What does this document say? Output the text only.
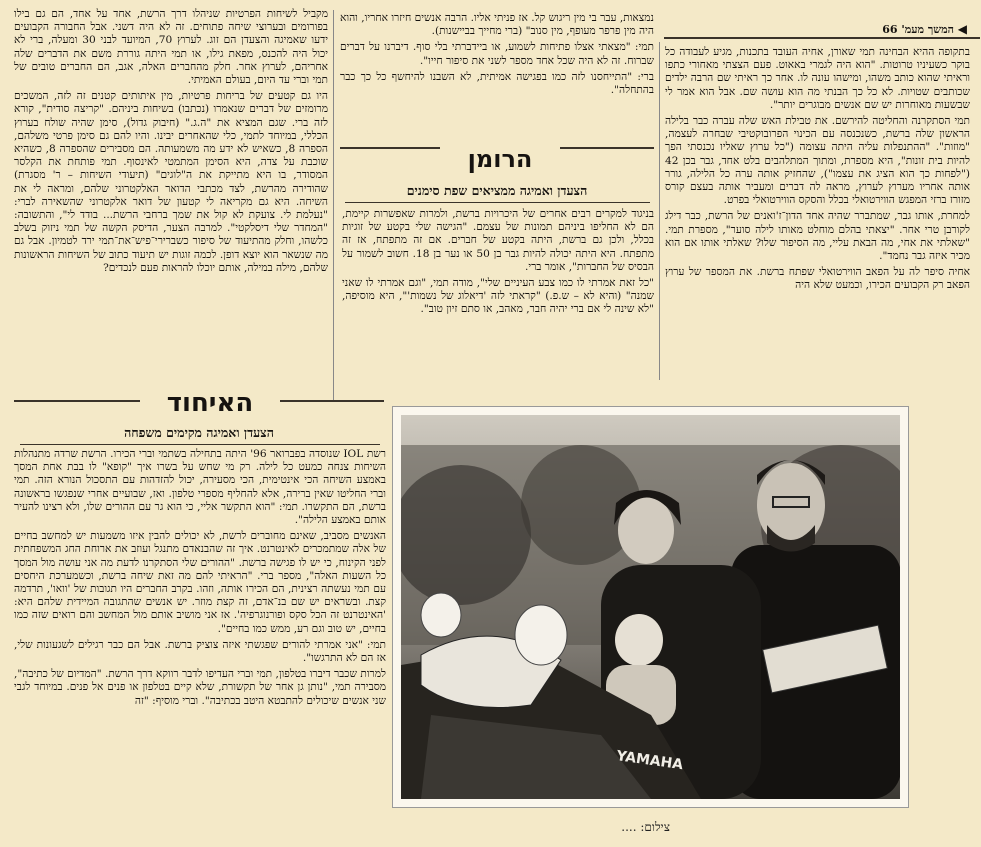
◀ המשך מעמ' 66

בתקופה ההיא הבחינה תמי שאורן, אחיה העובד בתכנות, מגיע לעבודה כל בוקר כשעיניו טרוטות. "הוא היה לגמרי באאוט. פעם הצצתי מאחורי כתפו וראיתי שהוא כותב משהו, ומישהו עונה לו. אחר כך ראיתי שם הרבה ילדים שכותבים שטויות. לא כל כך הבנתי מה הוא עושה שם. אבל הוא אמר לי שבשעות מאוחרות יש שם אנשים מבוגרים יותר".

תמי הסתקרנה והחליטה להירשם. את טבילת האש שלה עברה כבר בלילה הראשון שלה ברשת, כשנכנסה עם הכינוי הפרובוקטיבי שבחרה לעצמה, "מוזות". "ההתנפלות עליה היתה עצומה ("כל ערוץ שאליו נכנסתי הפך להיות בית זונות", היא מספרת, ומתוך המתלהבים בלט אחד, גבר בכן 42 ("לפחות כך הוא הציג את עצמו"), שהחזיק אותה ערה כל הלילה, גורר אותה אחריו מערוץ לערוץ, מראה לה דברים ומעביר אותה בעצם קורס מזורז ברזי המפגש הווירטואלי בכלל והסקס הווירטואלי בפרט.

למחרת, אותו גבר, שמתברר שהיה אחד הדון־ז'ואנים של הרשת, כבר דילג לקורבן טרי אחר. "יצאתי בהלם מוחלט מאותו לילה סוער", מספרת תמי. "שאלתי את אחי, מה הבאת עליי, מה הסיפור שלו? שאלתי אותו אם הוא מכיר איזה גבר נחמד".

אחיה סיפר לה על הפאב הווירטואלי שפתח ברשת. את המספר של ערוץ הפאב רק הקבועים הכירו, וכמעט שלא היה

נמצאות, עבר בי מין ריגוש קל. אז פניתי אליו. הרבה אנשים חיזרו אחריו, והוא היה מין פרפר מעופף, מין סנוב" (ברי מחייך בביישנות).

תמי: "מצאתי אצלו פתיחות לשמוע, או ביידברתי בלי סוף. דיברנו על דברים שברוח. זה לא היה שכל אחד מספר לשני את סיפור חייו".

ברי: "התייחסנו לזה כמו בפגישה אמיתית, לא השבנו להיחשף כל כך כבר בהתחלה".

הרומן
הצעדן ואמיגה ממציאים שפת סימנים

בניגוד למקרים רבים אחרים של היכרויות ברשת, ולמרות שאפשרות קיימת, הם לא החליפו ביניהם תמונות של עצמם. "הגישה שלי בקטע של זוגיות בכלל, ולכן גם ברשת, היתה בקטע של חברים. אם זה מתפתח, אז זה מתפתח. היא היתה יכולה להיות גבר בן 50 או נער בן 18. חשוב לשמור על הבסיס של החברות", אומר ברי.

"כל זאת אמרתי לו כמו צבע העיניים שלי", מודה תמי, "וגם אמרתי לו שאני שמנה" (והיא לא – ש.פ.) "קראתי לזה 'דיאלוג של נשמות'", היא מוסיפה, "לא שינה לי אם ברי יהיה חבר, מאהב, או סתם זיון טוב".

מקביל לשיחות הפרטיות שניהלו דרך הרשת, אחד על אחד, הם גם בילו בפורומים ובערוצי שיחה פתוחים. זה לא היה דשני. אבל החבורה הקבועים ידעו שאמיגה והצעדן הם זוג. לערוץ 70, המיועד לבני 30 ומעלה, ברי לא יכול היה להכנס, מפאת גילו, או תמי היתה גוררת משם את הדברים שלה אחריהם, לערוץ אחר. חלק מהחברים האלה, אגב, הם החברים טובים של תמי וברי עד היום, בעולם האמיתי.

היו גם קטעים של בריחות פרטיות, מין איתותים קטנים זה לזה, המשכים מרומזים של דברים שנאמרו (נכתבו) בשיחות ביניהם. "קריצה סודית", קורא לזה ברי. שגם המציא את "ה.ג." (חיבוק גדול), סימן שהיה שולח בערוץ הכללי, במיוחד לתמי, כלי שהאחרים יבינו. והיו להם גם סימן פרטי משלהם, הספרה 8, כשאיש לא ידע מה משמעותה. הם מסבירים שהספרה 8, כשהיא שוכבת על צדה, היא הסימן המתמטי לאינסוף. תמי פותחת את הקלסר המסודר, בו היא מתייקת את ה"לוגים" (תיעודי השיחות – ר' מסגרת) שהודירה מהרשת, לצד מכתבי הדואר האלקטרוני שלהם, ומראה לי את השיחה. היא גם מקריאה לי קטעון של דואר אלקטרוני שהשאירה לברי: "נעלמת לי. צועקת לא קול את שמך ברחבי הרשת... בודד לי", והתשובה: "המחדר שלי דיסלקטי". למרבה הצער, הדיסק הקשה של תמי ניזוק בשלב כלשהו, וחלק מהתיעוד של סיפור כשברירי־פיש־את־תמי ירד לטמיון. אבל גם מה שנשאר הוא יוצא דופן. לכמה זוגות יש תיעוד כתוב של השיחות הראשונות שלהם, מילה במילה, אותם יוכלו להראות פעם לנכדים?

האיחוד
הצעדן ואמיגה מקימים משפחה

רשת IOL שנוסדה בפברואר 96' היתה בתחילה בשתמי וברי הכירו. הרשת שרדה מתנהלות השיחות צנחה כמעט כל לילה. רק מי שחש על בשרו איך "קופא" לו בבת אחת המסך באמצע השיחה הכי אינטימית, הכי מסעירה, יכול להזדהות עם התסכול הנורא הזה. תמי וברי החליטו שאין ברירה, אלא להחליף מספרי טלפון. ואז, שבועיים אחרי שנפגשו בראשונה ברשת, הם התקשרו. תמי: "הוא התקשר אליי, כי הוא גר עם ההורים שלו, ולא רצינו להעיר אותם באמצע הלילה".

האנשים מסביב, שאינם מחוברים לרשת, לא יכולים להבין איזו משמעות יש למחשב בחיים של אלה שמתמכרים לאינטרנט. איך זה שהבנאדם מתנגל ועוזב את ארוחת החג המשפחתית לפני הקינוח, כי יש לו פגישה ברשת. "ההורים שלי הסתקרנו לדעת מה אני עושה מול המסך כל השעות האלה", מספר ברי. "הראיתי להם מה זאת שיחה ברשת, וכשמערכת היחסים עם תמי נעשתה רצינית, הם הכירו אותה, וזהו. בקרב החברים היו תגובות של 'וואו', תרדמה קצת. ובשראים יש שם בנ־אדם, זה קצת מוזר. יש אנשים שהתגובה המיידית שלהם היא: 'האינטרנט זה הכל סקס ופורנוגרפיה'. אז אני מושיב אותם מול המחשב והם רואים שזה כמו בחיים, יש טוב וגם רע, ממש כמו בחיים".

תמי: "אני אמרתי להורים שפגשתי איזה צוציק ברשת. אבל הם כבר רגילים לשגעונות שלי, אז הם לא התרגשו".

למרות שכבר דיברו בטלפון, תמי וברי העדיפו לדבר רווקא דרך הרשת. "המדיום של כתיבה", מסבירה תמי, "נותן גן אחר של תקשורת, שלא קיים בטלפון או פנים אל פנים. במיוחד לגבי שני אנשים שיכולים להתבטא היטב בכתיבה". וברי מוסיף: "זה

YAMAHA
צילום: ....
